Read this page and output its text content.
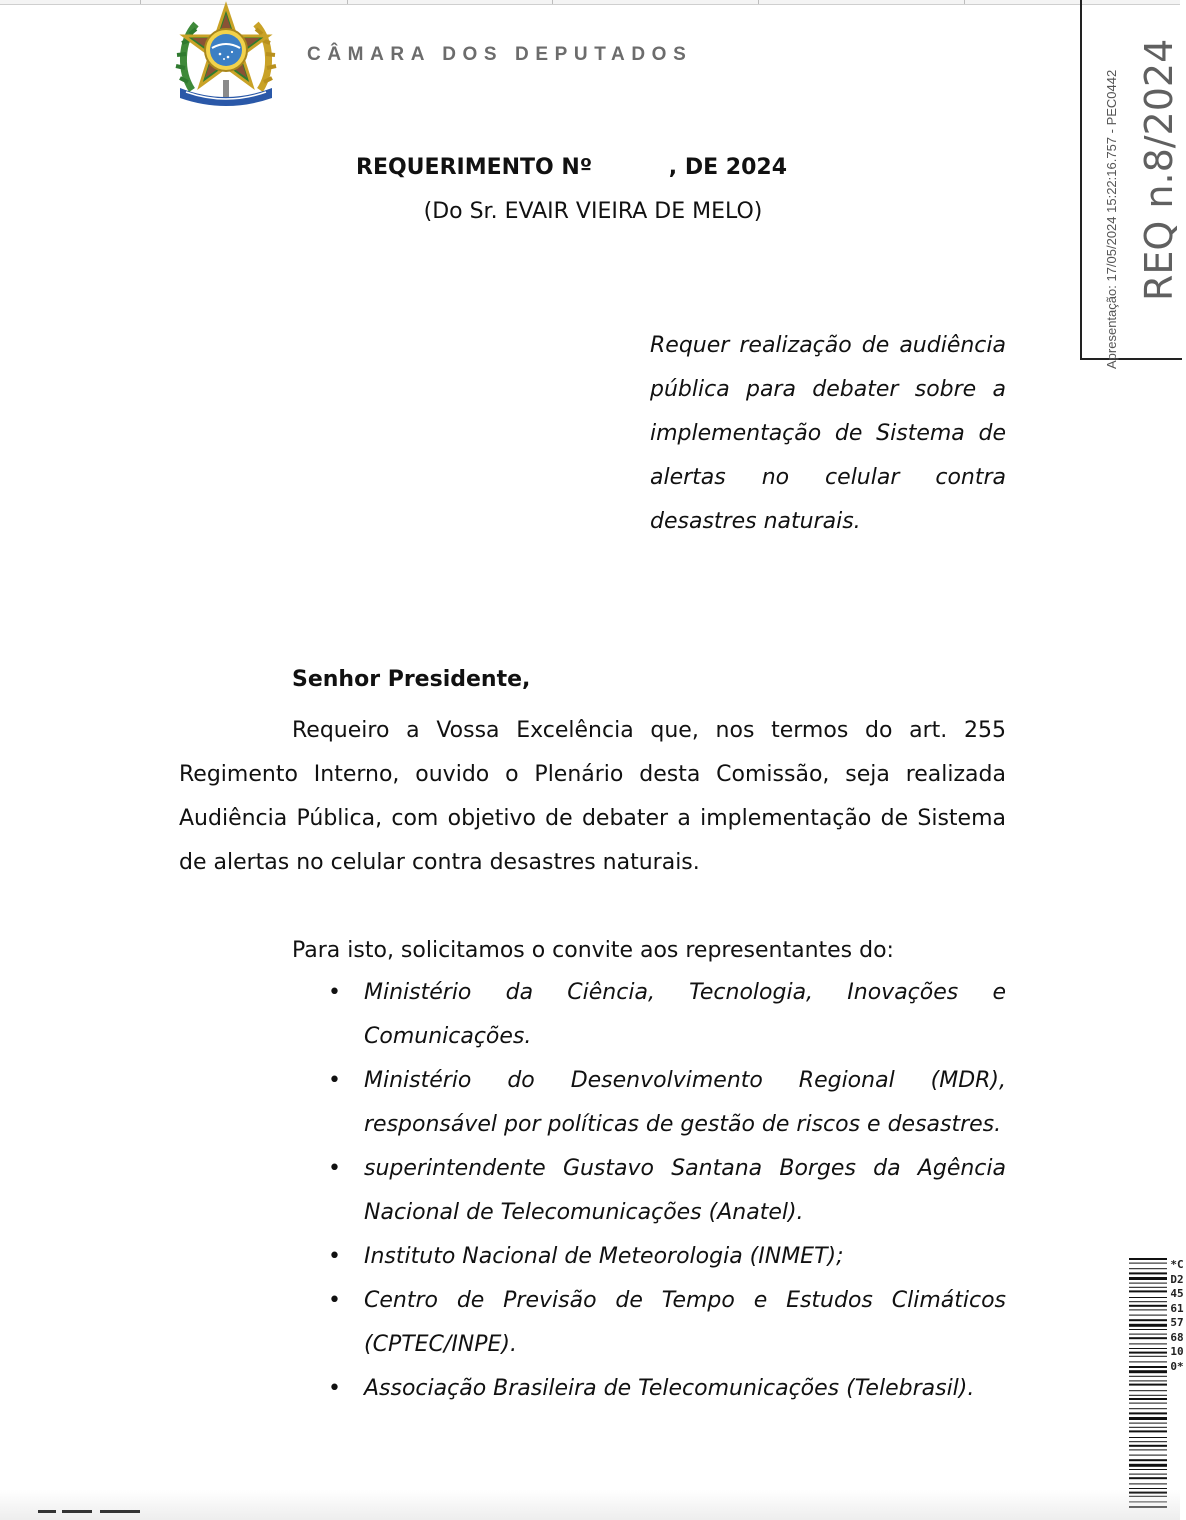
CÂMARA DOS DEPUTADOS
REQUERIMENTO Nº          , DE 2024
(Do Sr. EVAIR VIEIRA DE MELO)

Requer realização de audiência pública para debater sobre a implementação de Sistema de alertas no celular contra desastres naturais.

Senhor Presidente,

Requeiro a Vossa Excelência que, nos termos do art. 255 Regimento Interno, ouvido o Plenário desta Comissão, seja realizada Audiência Pública, com objetivo de debater a implementação de Sistema de alertas no celular contra desastres naturais.

Para isto, solicitamos o convite aos representantes do:

• Ministério da Ciência, Tecnologia, Inovações e Comunicações.
• Ministério do Desenvolvimento Regional (MDR), responsável por políticas de gestão de riscos e desastres.
• superintendente Gustavo Santana Borges da Agência Nacional de Telecomunicações (Anatel).
• Instituto Nacional de Meteorologia (INMET);
• Centro de Previsão de Tempo e Estudos Climáticos (CPTEC/INPE).
• Associação Brasileira de Telecomunicações (Telebrasil).
Apresentação: 17/05/2024 15:22:16.757 - PEC0442 REQ n.8/2024
*CD245615768100*
